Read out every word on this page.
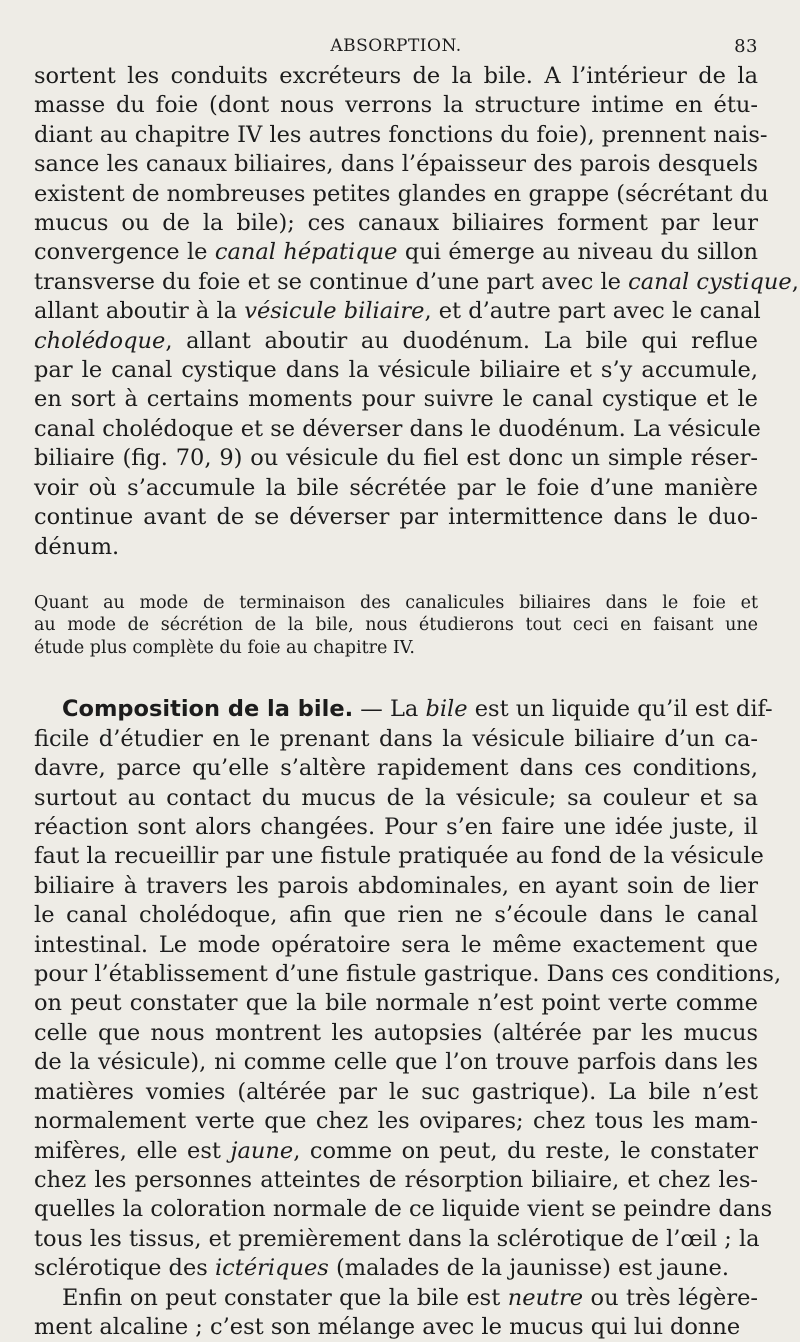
ABSORPTION.	83
sortent les conduits excréteurs de la bile. A l’intérieur de la
masse du foie (dont nous verrons la structure intime en étu-
diant au chapitre IV les autres fonctions du foie), prennent nais-
sance les canaux biliaires, dans l’épaisseur des parois desquels
existent de nombreuses petites glandes en grappe (sécrétant du
mucus ou de la bile); ces canaux biliaires forment par leur
convergence le canal hépatique qui émerge au niveau du sillon
transverse du foie et se continue d’une part avec le canal cystique,
allant aboutir à la vésicule biliaire, et d’autre part avec le canal
cholédoque, allant aboutir au duodénum. La bile qui reflue
par le canal cystique dans la vésicule biliaire et s’y accumule,
en sort à certains moments pour suivre le canal cystique et le
canal cholédoque et se déverser dans le duodénum. La vésicule
biliaire (fig. 70, 9) ou vésicule du fiel est donc un simple réser-
voir où s’accumule la bile sécrétée par le foie d’une manière
continue avant de se déverser par intermittence dans le duo-
dénum.
Quant au mode de terminaison des canalicules biliaires dans le foie et
au mode de sécrétion de la bile, nous étudierons tout ceci en faisant une
étude plus complète du foie au chapitre IV.
Composition de la bile. — La bile est un liquide qu’il est dif-
ficile d’étudier en le prenant dans la vésicule biliaire d’un ca-
davre, parce qu’elle s’altère rapidement dans ces conditions,
surtout au contact du mucus de la vésicule; sa couleur et sa
réaction sont alors changées. Pour s’en faire une idée juste, il
faut la recueillir par une fistule pratiquée au fond de la vésicule
biliaire à travers les parois abdominales, en ayant soin de lier
le canal cholédoque, afin que rien ne s’écoule dans le canal
intestinal. Le mode opératoire sera le même exactement que
pour l’établissement d’une fistule gastrique. Dans ces conditions,
on peut constater que la bile normale n’est point verte comme
celle que nous montrent les autopsies (altérée par les mucus
de la vésicule), ni comme celle que l’on trouve parfois dans les
matières vomies (altérée par le suc gastrique). La bile n’est
normalement verte que chez les ovipares; chez tous les mam-
mifères, elle est jaune, comme on peut, du reste, le constater
chez les personnes atteintes de résorption biliaire, et chez les-
quelles la coloration normale de ce liquide vient se peindre dans
tous les tissus, et premièrement dans la sclérotique de l’œil ; la
sclérotique des ictériques (malades de la jaunisse) est jaune.
Enfin on peut constater que la bile est neutre ou très légère-
ment alcaline ; c’est son mélange avec le mucus qui lui donne
